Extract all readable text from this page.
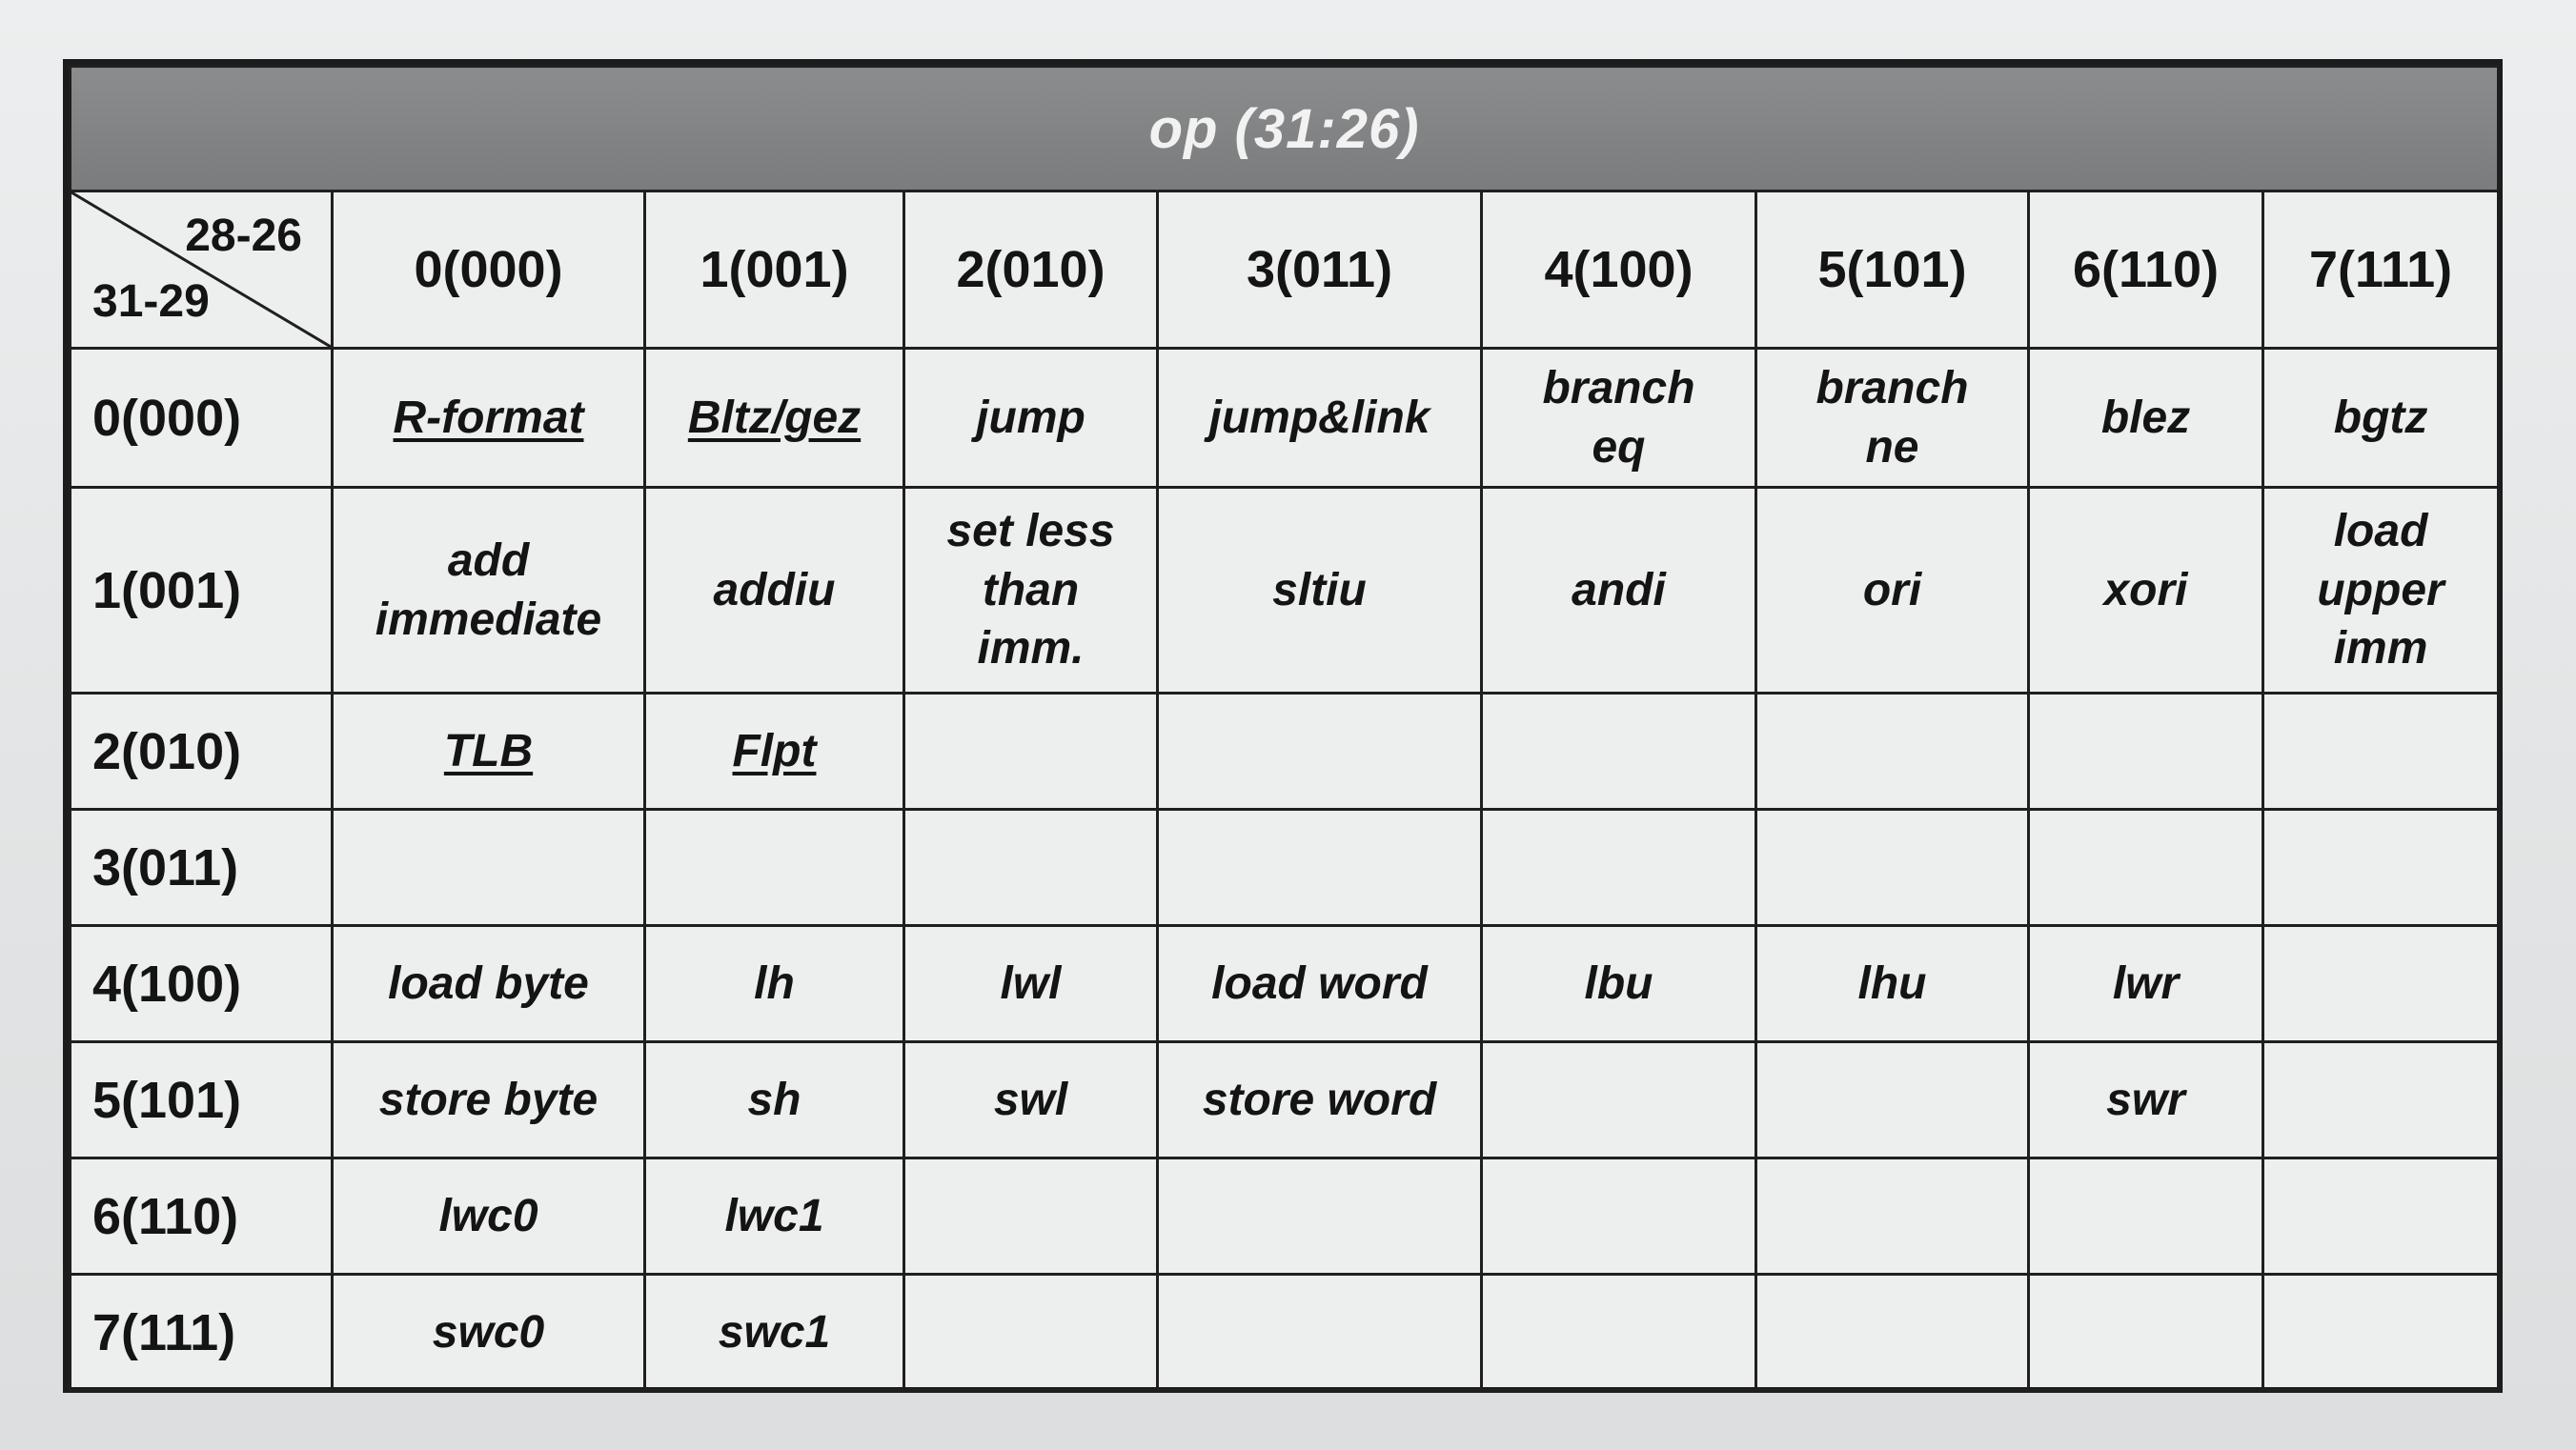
op (31:26)								

28-26
31-29	0(000)	1(001)	2(010)	3(011)	4(100)	5(101)	6(110)	7(111)
0(000)	R-format	Bltz/gez	jump	jump&link	branch eq	branch ne	blez	bgtz
1(001)	add immediate	addiu	set less than imm.	sltiu	andi	ori	xori	load upper imm
2(010)	TLB	Flpt						
3(011)								
4(100)	load byte	lh	lwl	load word	lbu	lhu	lwr	
5(101)	store byte	sh	swl	store word			swr	
6(110)	lwc0	lwc1						
7(111)	swc0	swc1						
